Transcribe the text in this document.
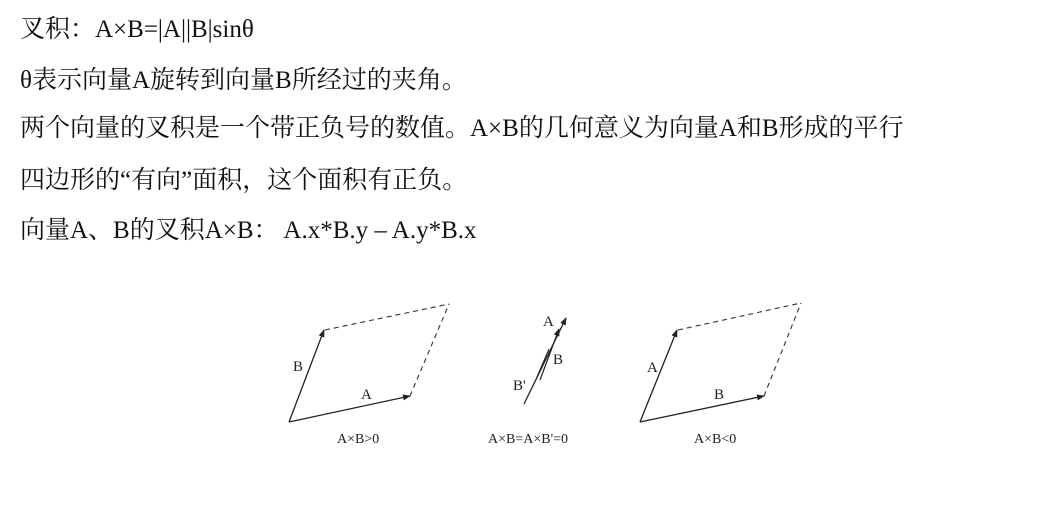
叉积：A×B=|A||B|sinθ
θ表示向量A旋转到向量B所经过的夹角。
两个向量的叉积是一个带正负号的数值。A×B的几何意义为向量A和B形成的平行
四边形的“有向”面积，这个面积有正负。
向量A、B的叉积A×B： A.x*B.y – A.y*B.x
B
A
A×B>0
A
B
B'
A×B=A×B'=0
A
B
A×B<0
